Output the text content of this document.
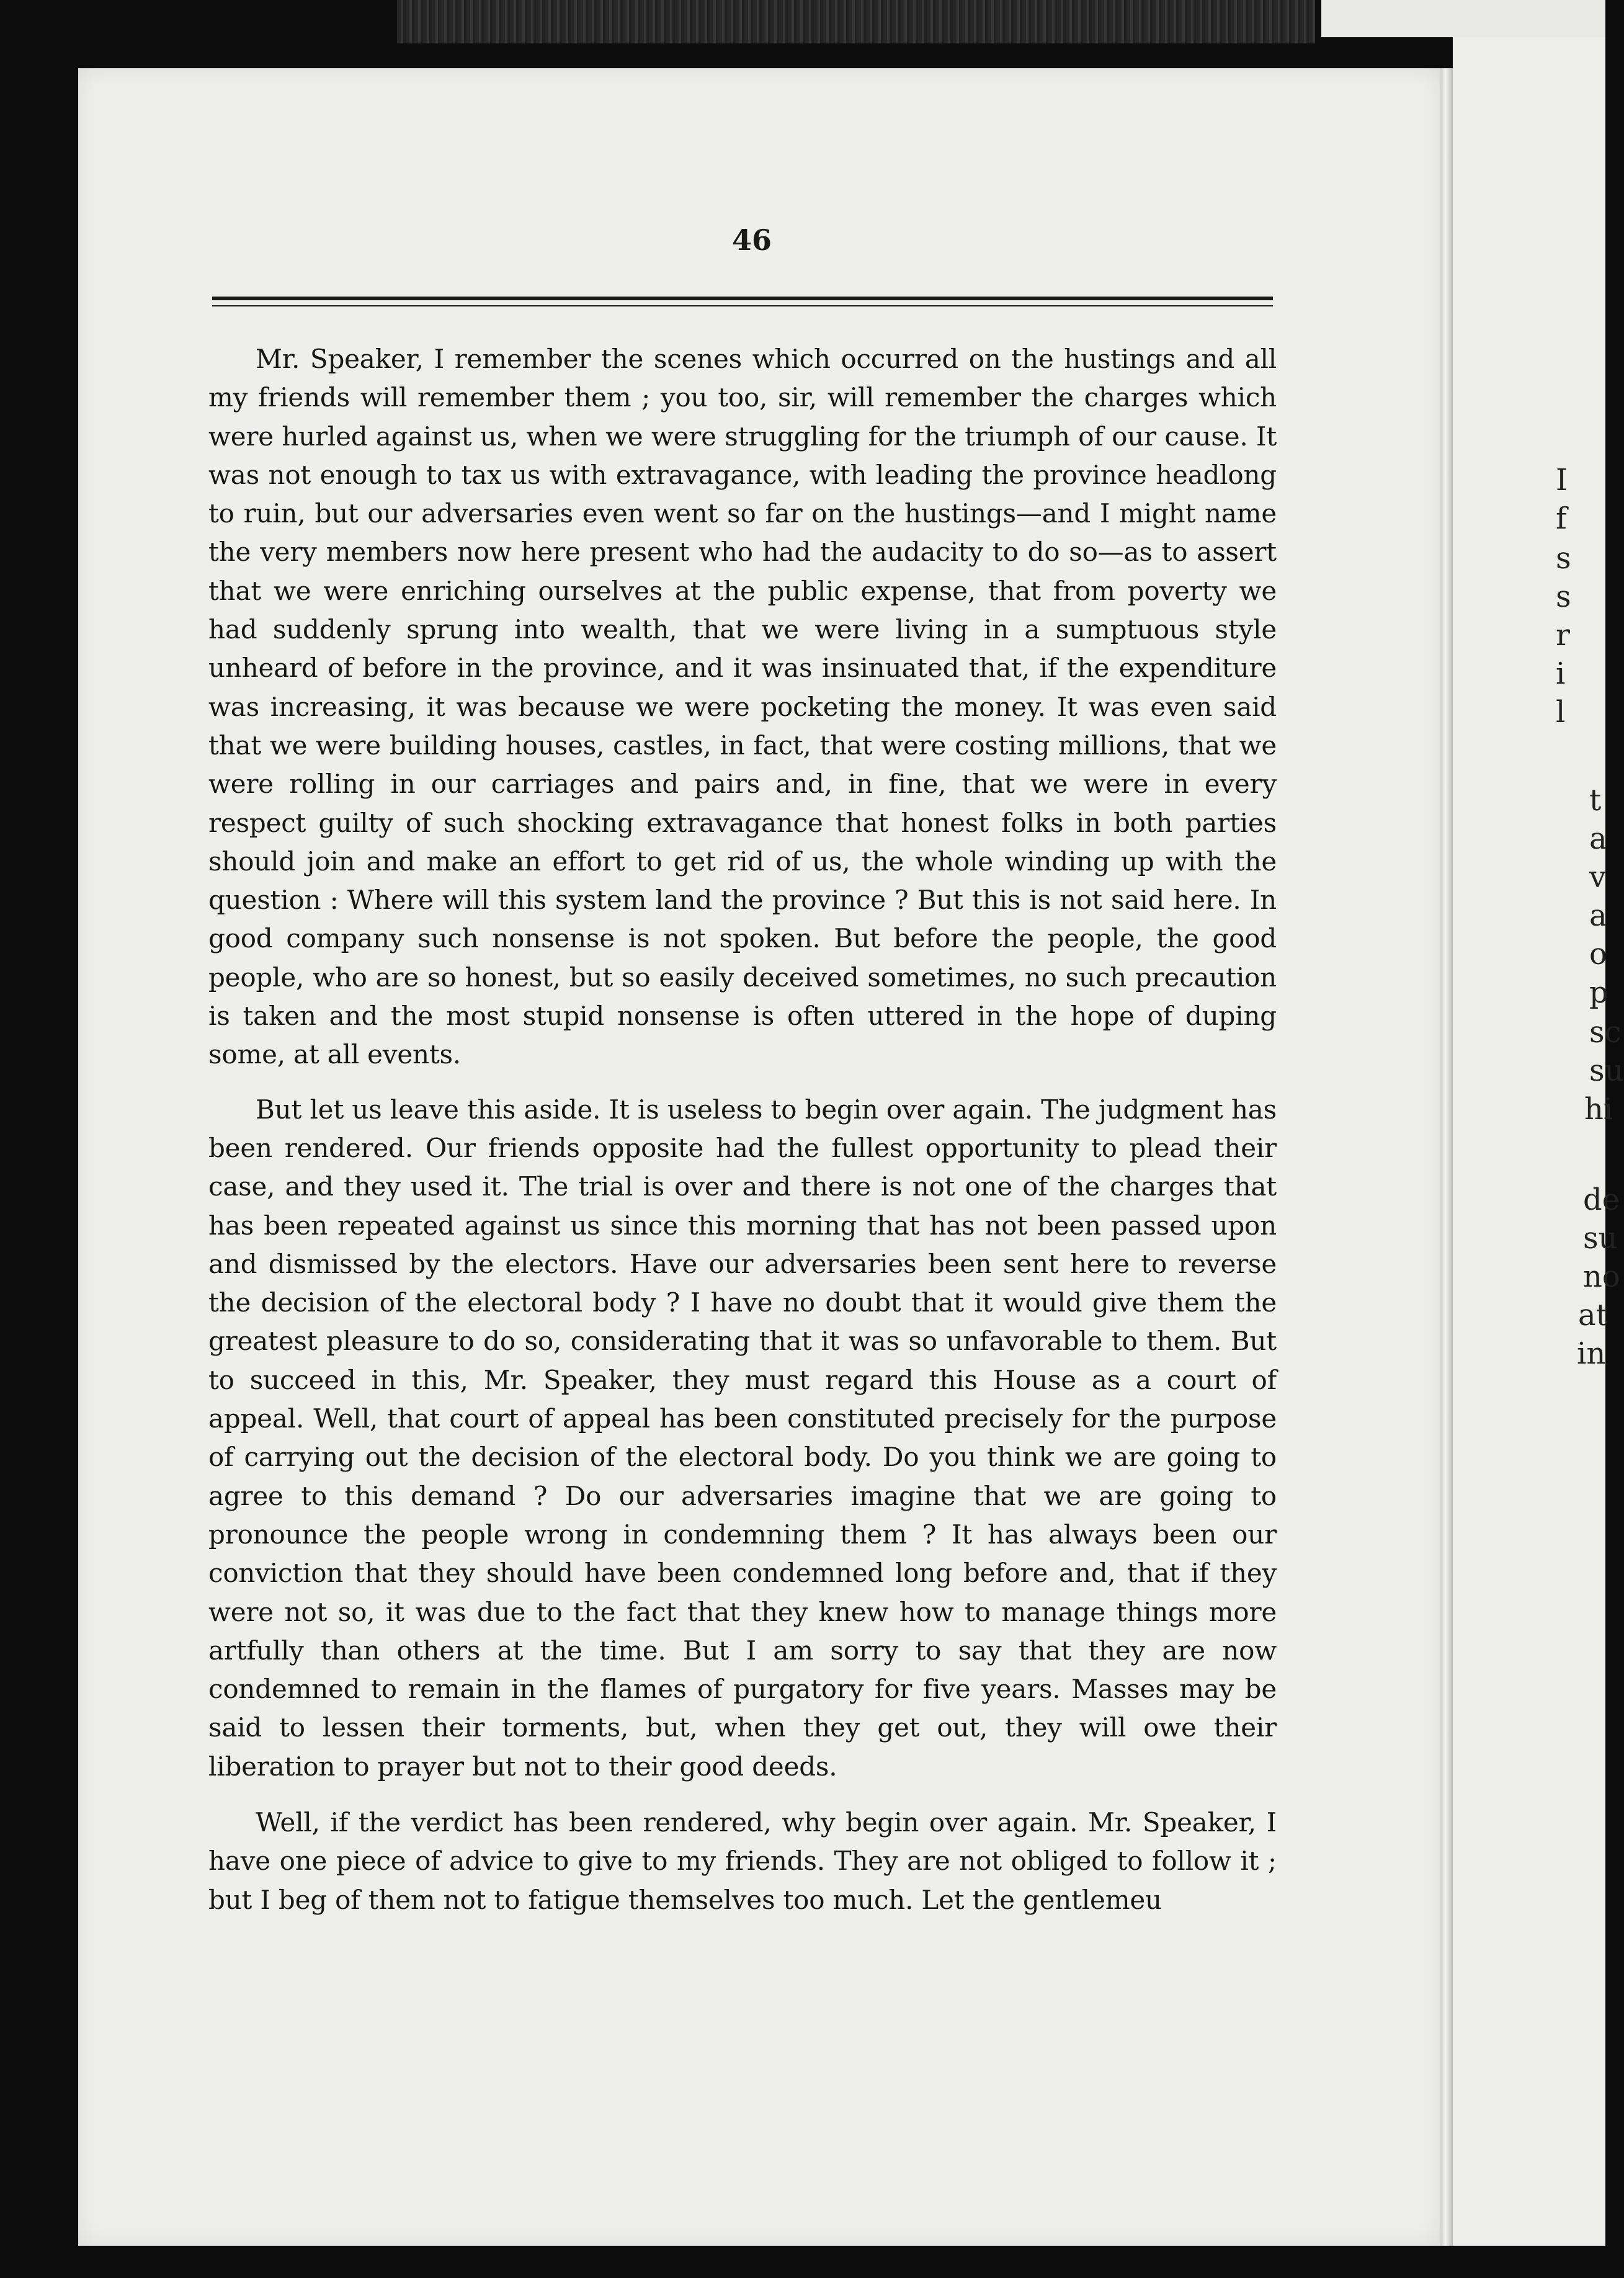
I
f
s
s
r
i
l
t
a
v
a
o
p
sc
su
hi
de
su
no
at
in
46

Mr. Speaker, I remember the scenes which occurred on the hustings and all my friends will remember them ; you too, sir, will remember the charges which were hurled against us, when we were struggling for the triumph of our cause. It was not enough to tax us with extravagance, with leading the province headlong to ruin, but our adversaries even went so far on the hustings—and I might name the very members now here present who had the audacity to do so—as to assert that we were enriching ourselves at the public expense, that from poverty we had suddenly sprung into wealth, that we were living in a sumptuous style unheard of before in the province, and it was insinuated that, if the expenditure was increasing, it was because we were pocketing the money. It was even said that we were building houses, castles, in fact, that were costing millions, that we were rolling in our carriages and pairs and, in fine, that we were in every respect guilty of such shocking extravagance that honest folks in both parties should join and make an effort to get rid of us, the whole winding up with the question : Where will this system land the province ? But this is not said here. In good company such nonsense is not spoken. But before the people, the good people, who are so honest, but so easily deceived sometimes, no such precaution is taken and the most stupid nonsense is often uttered in the hope of duping some, at all events.

But let us leave this aside. It is useless to begin over again. The judgment has been rendered. Our friends opposite had the fullest opportunity to plead their case, and they used it. The trial is over and there is not one of the charges that has been repeated against us since this morning that has not been passed upon and dismissed by the electors. Have our adversaries been sent here to reverse the decision of the electoral body ? I have no doubt that it would give them the greatest pleasure to do so, considerating that it was so unfavorable to them. But to succeed in this, Mr. Speaker, they must regard this House as a court of appeal. Well, that court of appeal has been constituted precisely for the purpose of carrying out the decision of the electoral body. Do you think we are going to agree to this demand ? Do our adversaries imagine that we are going to pronounce the people wrong in condemning them ? It has always been our conviction that they should have been condemned long before and, that if they were not so, it was due to the fact that they knew how to manage things more artfully than others at the time. But I am sorry to say that they are now condemned to remain in the flames of purgatory for five years. Masses may be said to lessen their torments, but, when they get out, they will owe their liberation to prayer but not to their good deeds.

Well, if the verdict has been rendered, why begin over again. Mr. Speaker, I have one piece of advice to give to my friends. They are not obliged to follow it ; but I beg of them not to fatigue themselves too much. Let the gentlemeu
